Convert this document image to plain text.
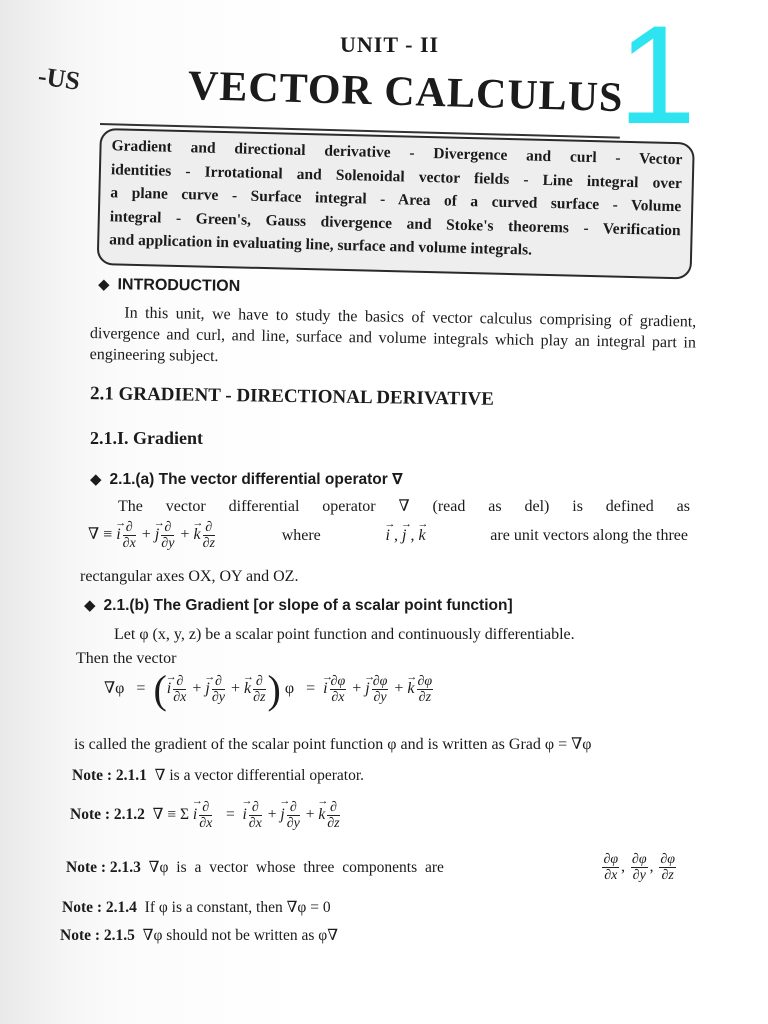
-US
UNIT - II
VECTOR CALCULUS
1
Gradient and directional derivative - Divergence and curl - Vector
identities - Irrotational and Solenoidal vector fields - Line integral over
a plane curve - Surface integral - Area of a curved surface - Volume
integral - Green's, Gauss divergence and Stoke's theorems - Verification
and application in evaluating line, surface and volume integrals.
◆ INTRODUCTION
In this unit, we have to study the basics of vector calculus comprising of gradient, divergence and curl, and line, surface and volume integrals which play an integral part in engineering subject.
2.1 GRADIENT - DIRECTIONAL DERIVATIVE
2.1.I. Gradient
◆ 2.1.(a) The vector differential operator ∇
The vector differential operator ∇ (read as del) is defined as
∇ ≡ → i $\frac{\partial}{\partial x}$ + → j $\frac{\partial}{\partial y}$ + → k $\frac{\partial}{\partial z}$	where
→	i , → j , → k	are unit vectors along the three
rectangular axes OX, OY and OZ.
◆ 2.1.(b) The Gradient [or slope of a scalar point function]
Let φ (x, y, z) be a scalar point function and continuously differentiable.
Then the vector
∇φ   =  (→ i $\frac{\partial}{\partial x}$ + → j $\frac{\partial}{\partial y}$ + → k $\frac{\partial}{\partial z}$ ) φ   =  → i $\frac{\partial\varphi}{\partial x}$ + → j $\frac{\partial\varphi}{\partial y}$ + → k $\frac{\partial\varphi}{\partial z}$
is called the gradient of the scalar point function φ and is written as Grad φ = ∇φ
Note : 2.1.1 ∇ is a vector differential operator.
Note : 2.1.2  ∇ ≡ Σ → i $\frac{\partial}{\partial x}$ =  → i $\frac{\partial}{\partial x}$ + → j $\frac{\partial}{\partial y}$ + → k $\frac{\partial}{\partial z}$
Note : 2.1.3
∇φ is a vector whose three components are	$\frac{\partial\varphi}{\partial x}$ , $\frac{\partial\varphi}{\partial y}$ , $\frac{\partial\varphi}{\partial z}$
Note : 2.1.4 If φ is a constant, then ∇φ = 0
Note : 2.1.5 ∇φ should not be written as φ∇
